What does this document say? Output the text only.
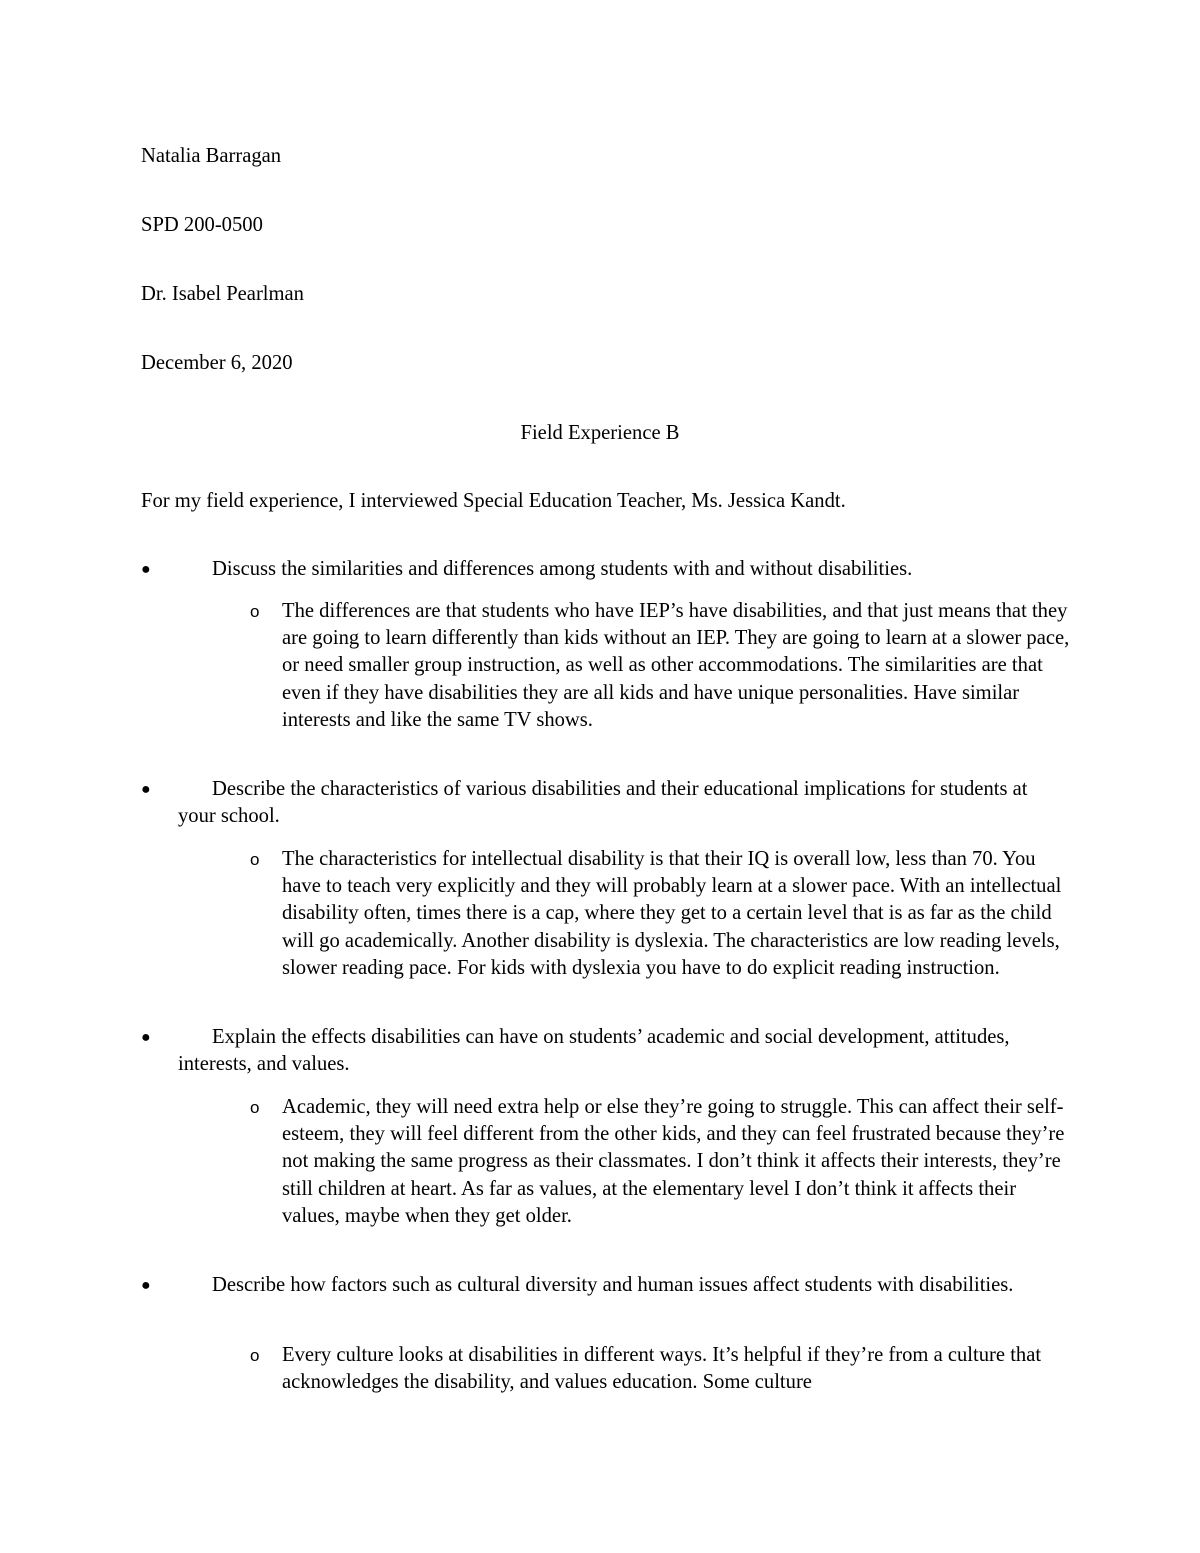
Natalia Barragan
SPD 200-0500
Dr. Isabel Pearlman
December 6, 2020
Field Experience B
For my field experience, I interviewed Special Education Teacher, Ms. Jessica Kandt.
●	Discuss the similarities and differences among students with and without disabilities.

o The differences are that students who have IEP’s have disabilities, and that just means that they are going to learn differently than kids without an IEP. They are going to learn at a slower pace, or need smaller group instruction, as well as other accommodations. The similarities are that even if they have disabilities they are all kids and have unique personalities. Have similar interests and like the same TV shows.

●	Describe the characteristics of various disabilities and their educational implications for students at your school.

o The characteristics for intellectual disability is that their IQ is overall low, less than 70. You have to teach very explicitly and they will probably learn at a slower pace. With an intellectual disability often, times there is a cap, where they get to a certain level that is as far as the child will go academically. Another disability is dyslexia. The characteristics are low reading levels, slower reading pace. For kids with dyslexia you have to do explicit reading instruction.

●	Explain the effects disabilities can have on students’ academic and social development, attitudes, interests, and values.

o Academic, they will need extra help or else they’re going to struggle. This can affect their self-esteem, they will feel different from the other kids, and they can feel frustrated because they’re not making the same progress as their classmates. I don’t think it affects their interests, they’re still children at heart. As far as values, at the elementary level I don’t think it affects their values, maybe when they get older.

●	Describe how factors such as cultural diversity and human issues affect students with disabilities.

o Every culture looks at disabilities in different ways. It’s helpful if they’re from a culture that acknowledges the disability, and values education. Some culture
